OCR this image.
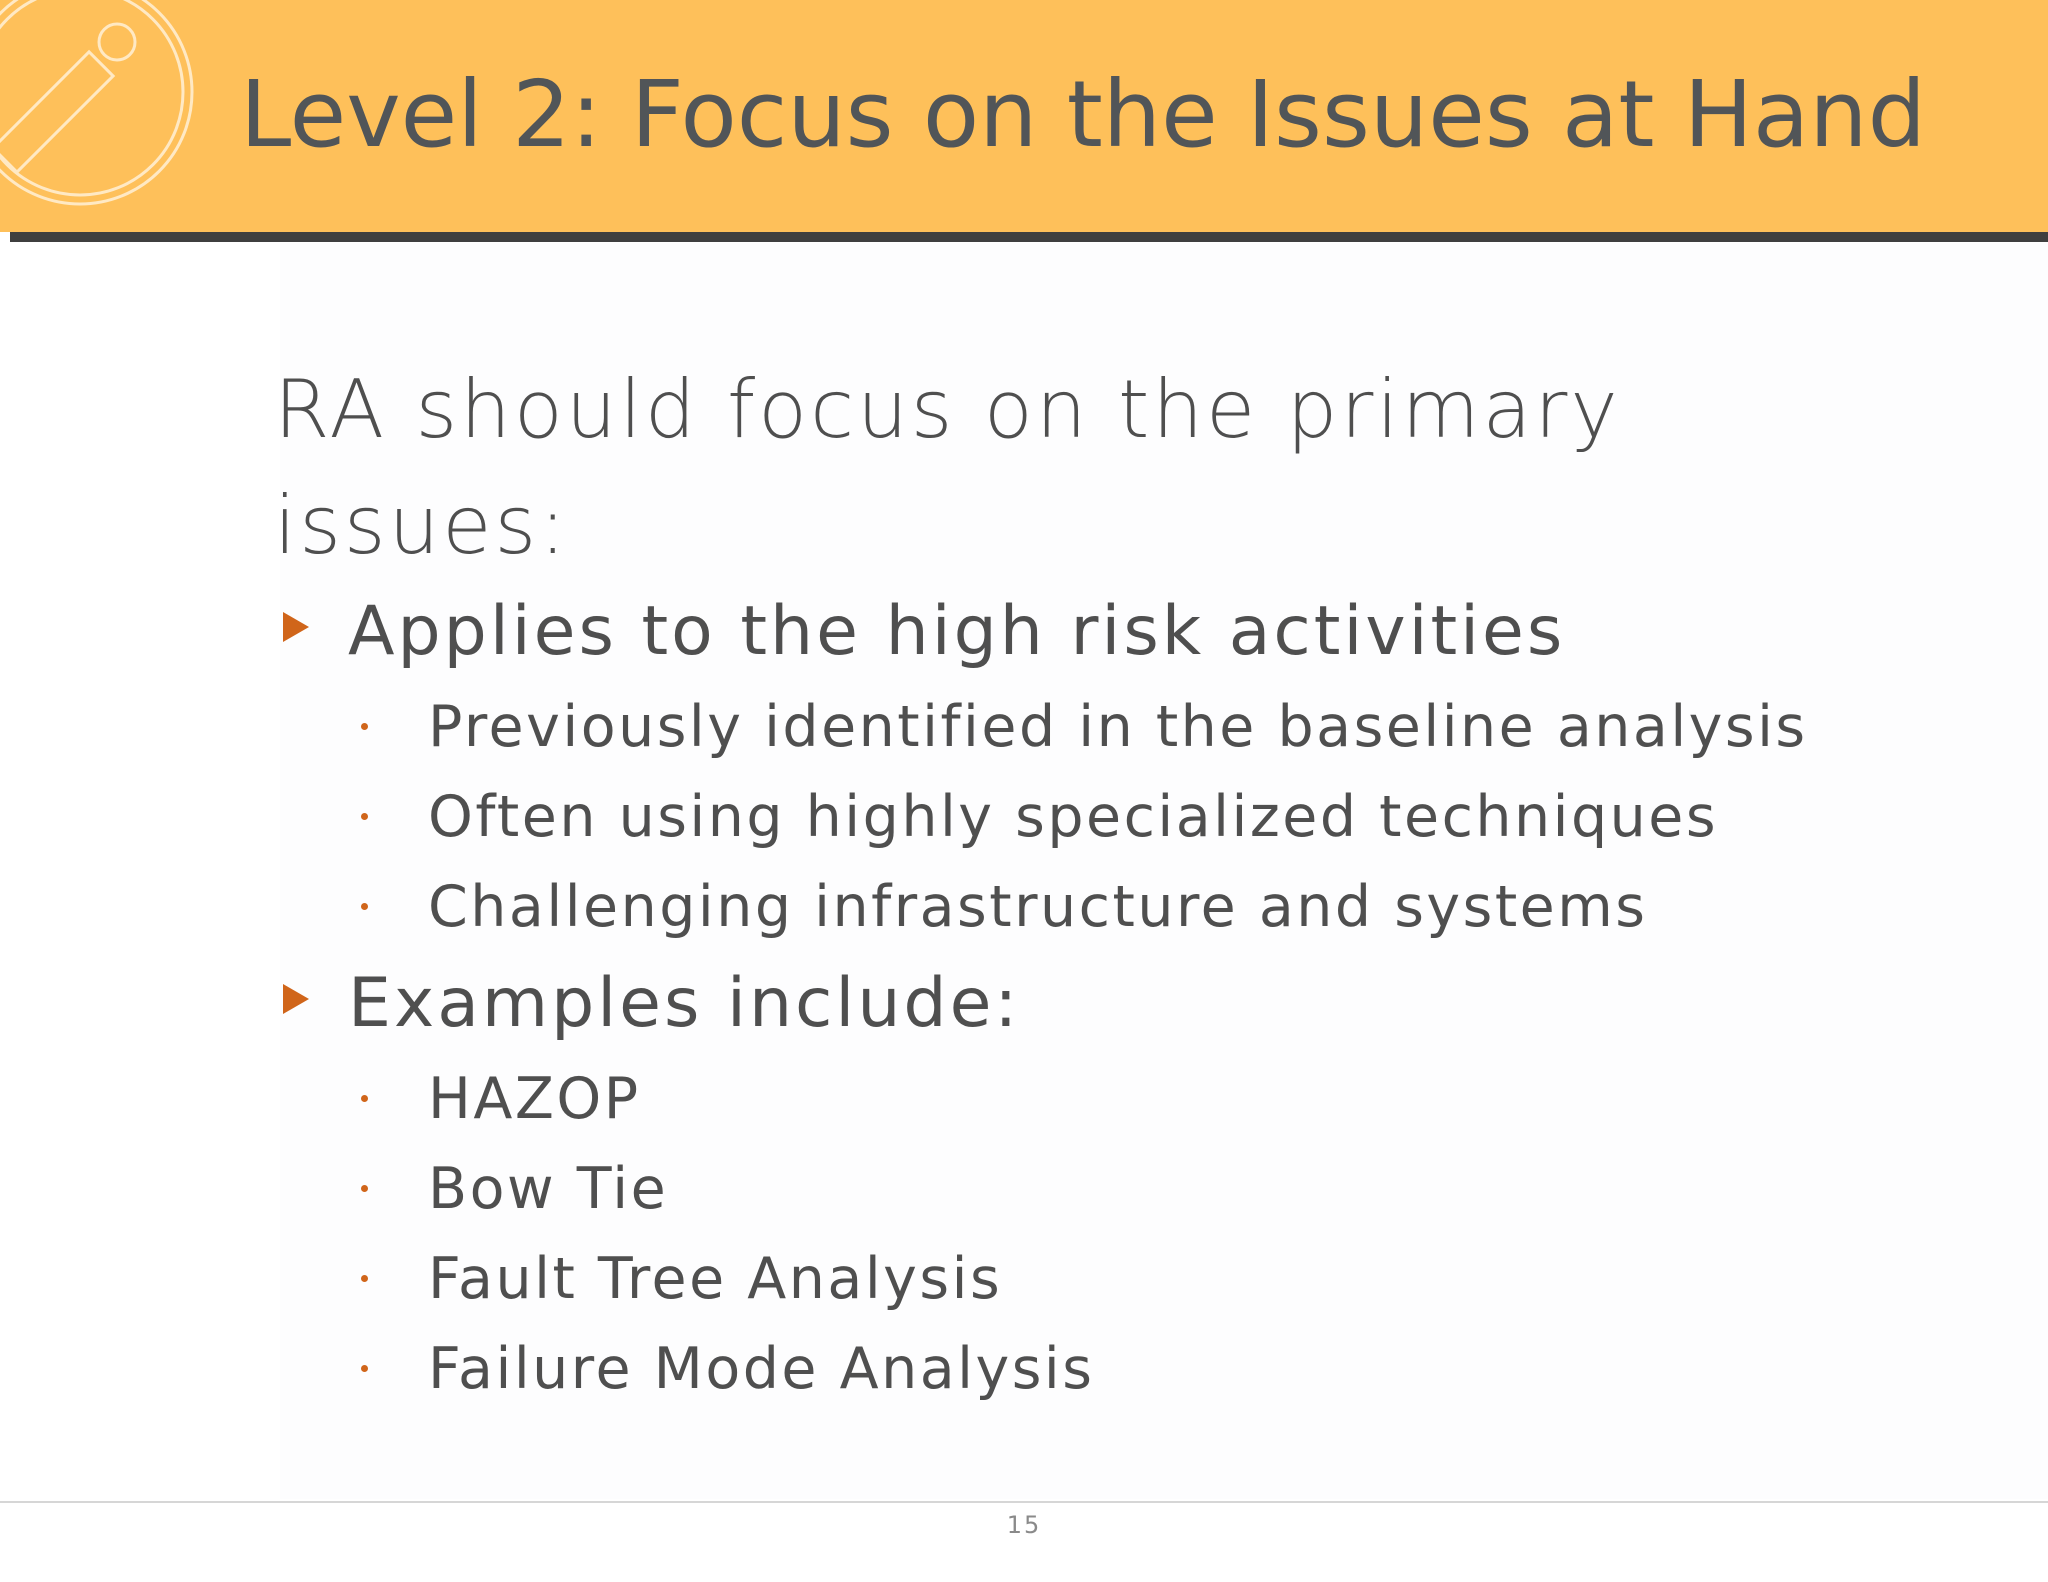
Level 2: Focus on the Issues at Hand

RA should focus on the primary issues:

Applies to the high risk activities
Previously identified in the baseline analysis
Often using highly specialized techniques
Challenging infrastructure and systems
Examples include:
HAZOP
Bow Tie
Fault Tree Analysis
Failure Mode Analysis
15
